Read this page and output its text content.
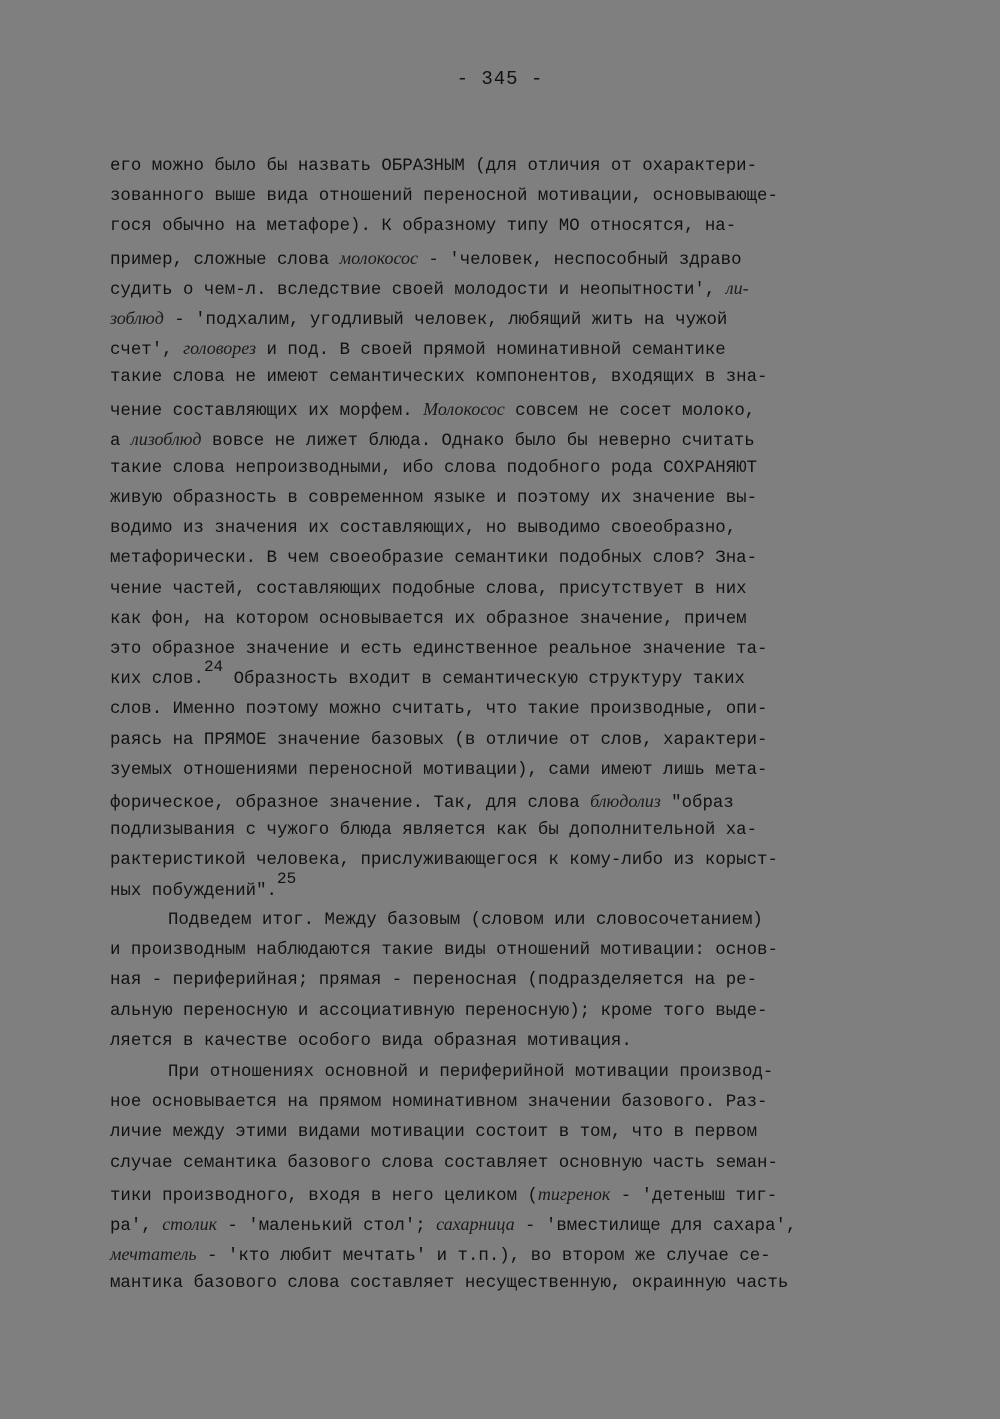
- 345 -
его можно было бы назвать ОБРАЗНЫМ (для отличия от охарактери-
зованного выше вида отношений переносной мотивации, основывающе-
гося обычно на метафоре). К образному типу МО относятся, на-
пример, сложные слова молокосос - 'человек, неспособный здраво
судить о чем-л. вследствие своей молодости и неопытности', ли-
зоблюд - 'подхалим, угодливый человек, любящий жить на чужой
счет', головорез и под. В своей прямой номинативной семантике
такие слова не имеют семантических компонентов, входящих в зна-
чение составляющих их морфем. Молокосос совсем не сосет молоко,
а лизоблюд вовсе не лижет блюда. Однако было бы неверно считать
такие слова непроизводными, ибо слова подобного рода СОХРАНЯЮТ
живую образность в современном языке и поэтому их значение вы-
водимо из значения их составляющих, но выводимо своеобразно,
метафорически. В чем своеобразие семантики подобных слов? Зна-
чение частей, составляющих подобные слова, присутствует в них
как фон, на котором основывается их образное значение, причем
это образное значение и есть единственное реальное значение та-
ких слов.24 Образность входит в семантическую структуру таких
слов. Именно поэтому можно считать, что такие производные, опи-
раясь на ПРЯМОЕ значение базовых (в отличие от слов, характери-
зуемых отношениями переносной мотивации), сами имеют лишь мета-
форическое, образное значение. Так, для слова блюдолиз "образ
подлизывания с чужого блюда является как бы дополнительной ха-
рактеристикой человека, прислуживающегося к кому-либо из корыст-
ных побуждений".25
Подведем итог. Между базовым (словом или словосочетанием)
и производным наблюдаются такие виды отношений мотивации: основ-
ная - периферийная; прямая - переносная (подразделяется на ре-
альную переносную и ассоциативную переносную); кроме того выде-
ляется в качестве особого вида образная мотивация.
При отношениях основной и периферийной мотивации производ-
ное основывается на прямом номинативном значении базового. Раз-
личие между этими видами мотивации состоит в том, что в первом
случае семантика базового слова составляет основную часть seман-
тики производного, входя в него целиком (тигренок - 'детеныш тиг-
ра', столик - 'маленький стол'; сахарница - 'вместилище для сахара',
мечтатель - 'кто любит мечтать' и т.п.), во втором же случае се-
мантика базового слова составляет несущественную, окраинную часть
